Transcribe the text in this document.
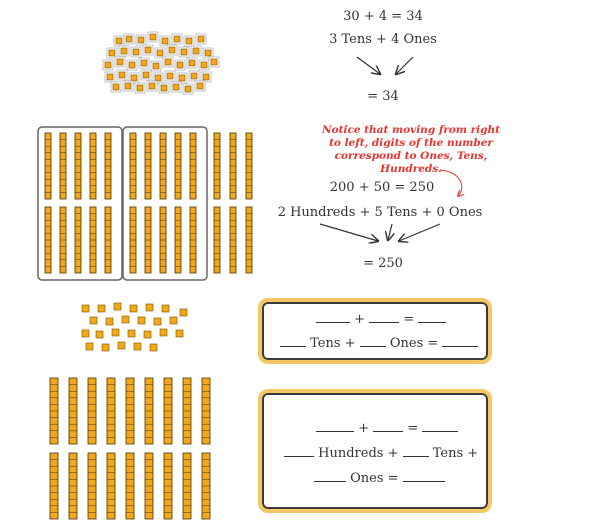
30 + 4 = 34
3 Tens + 4 Ones
= 34
Notice that moving from right to left, digits of the number correspond to Ones, Tens, Hundreds.
200 + 50 = 250
2 Hundreds + 5 Tens + 0 Ones
= 250
+	=
Tens +	Ones =
+	=
Hundreds +	Tens +
Ones =
